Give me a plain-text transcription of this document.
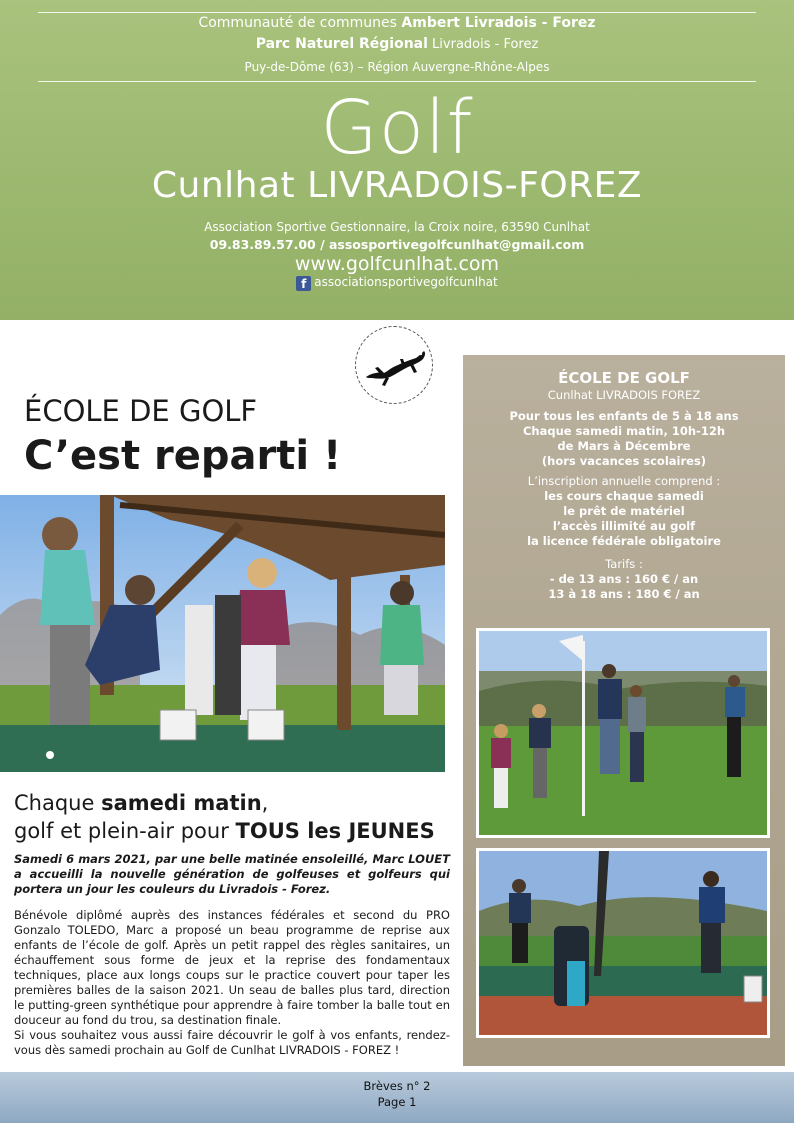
Communauté de communes Ambert Livradois - Forez
Parc Naturel Régional Livradois - Forez
Puy-de-Dôme (63) – Région Auvergne-Rhône-Alpes
Golf
Cunlhat LIVRADOIS-FOREZ
Association Sportive Gestionnaire, la Croix noire, 63590 Cunlhat
09.83.89.57.00 / assosportivegolfcunlhat@gmail.com
www.golfcunlhat.com
f associationsportivegolfcunlhat
ÉCOLE DE GOLF
C’est reparti !
Chaque samedi matin,
golf et plein-air pour TOUS les JEUNES
Samedi 6 mars 2021, par une belle matinée ensoleillé, Marc LOUET a accueilli la nouvelle génération de golfeuses et golfeurs qui portera un jour les couleurs du Livradois - Forez.

Bénévole diplômé auprès des instances fédérales et second du PRO Gonzalo TOLEDO, Marc a proposé un beau programme de reprise aux enfants de l’école de golf. Après un petit rappel des règles sanitaires, un échauffement sous forme de jeux et la reprise des fondamentaux techniques, place aux longs coups sur le practice couvert pour taper les premières balles de la saison 2021. Un seau de balles plus tard, direction le putting-green synthétique pour apprendre à faire tomber la balle tout en douceur au fond du trou, sa destination finale.

Si vous souhaitez vous aussi faire découvrir le golf à vos enfants, rendez-vous dès samedi prochain au Golf de Cunlhat LIVRADOIS - FOREZ !

ÉCOLE DE GOLF
Cunlhat LIVRADOIS FOREZ
Pour tous les enfants de 5 à 18 ans
Chaque samedi matin, 10h-12h
de Mars à Décembre
(hors vacances scolaires)
L’inscription annuelle comprend :
les cours chaque samedi
le prêt de matériel
l’accès illimité au golf
la licence fédérale obligatoire
Tarifs :
- de 13 ans : 160 € / an
13 à 18 ans : 180 € / an
Brèves n° 2
Page 1
